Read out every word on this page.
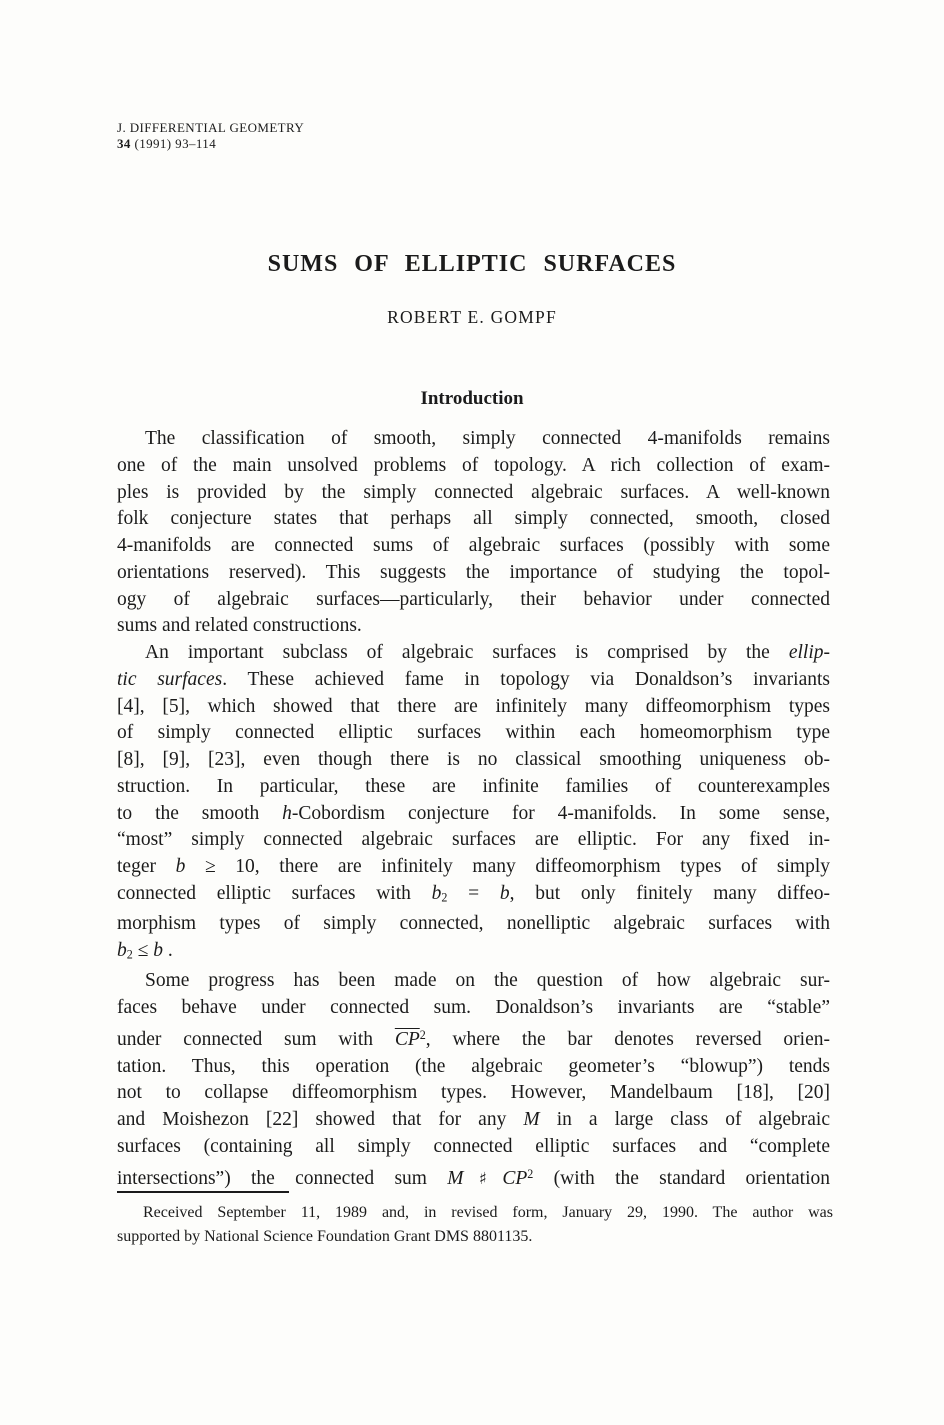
J. DIFFERENTIAL GEOMETRY
34 (1991) 93–114
SUMS OF ELLIPTIC SURFACES
ROBERT E. GOMPF
Introduction
The classification of smooth, simply connected 4-manifolds remains
one of the main unsolved problems of topology. A rich collection of exam-
ples is provided by the simply connected algebraic surfaces. A well-known
folk conjecture states that perhaps all simply connected, smooth, closed
4-manifolds are connected sums of algebraic surfaces (possibly with some
orientations reserved). This suggests the importance of studying the topol-
ogy of algebraic surfaces—particularly, their behavior under connected
sums and related constructions.
An important subclass of algebraic surfaces is comprised by the ellip-
tic surfaces. These achieved fame in topology via Donaldson’s invariants
[4], [5], which showed that there are infinitely many diffeomorphism types
of simply connected elliptic surfaces within each homeomorphism type
[8], [9], [23], even though there is no classical smoothing uniqueness ob-
struction. In particular, these are infinite families of counterexamples
to the smooth h-Cobordism conjecture for 4-manifolds. In some sense,
“most” simply connected algebraic surfaces are elliptic. For any fixed in-
teger b ≥ 10, there are infinitely many diffeomorphism types of simply
connected elliptic surfaces with $b_2 = b$, but only finitely many diffeo-
morphism types of simply connected, nonelliptic algebraic surfaces with
$b_2 \le b$ .
Some progress has been made on the question of how algebraic sur-
faces behave under connected sum. Donaldson’s invariants are “stable”
under connected sum with $\overline{CP}^2$, where the bar denotes reversed orien-
tation. Thus, this operation (the algebraic geometer’s “blowup”) tends
not to collapse diffeomorphism types. However, Mandelbaum [18], [20]
and Moishezon [22] showed that for any M in a large class of algebraic
surfaces (containing all simply connected elliptic surfaces and “complete
intersections”) the connected sum $M♯CP^2$ (with the standard orientation
Received September 11, 1989 and, in revised form, January 29, 1990. The author was
supported by National Science Foundation Grant DMS 8801135.
